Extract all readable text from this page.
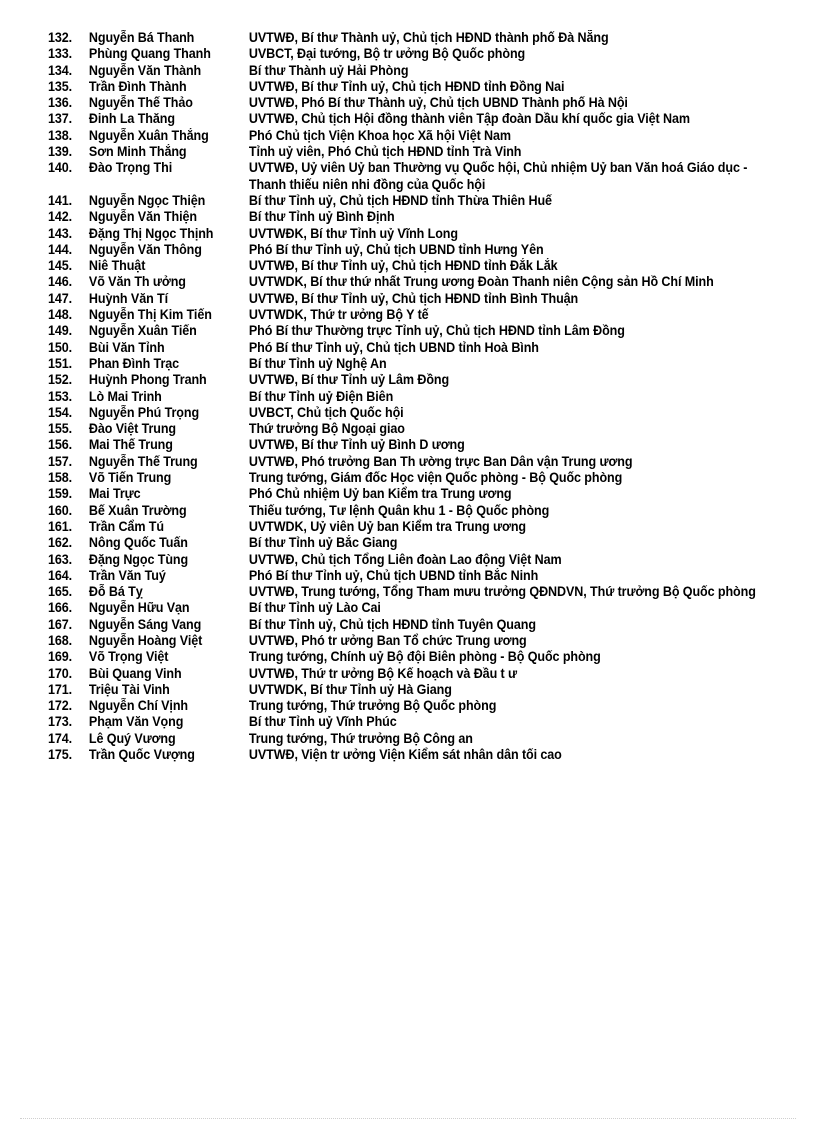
132.	Nguyễn Bá Thanh	UVTWĐ, Bí thư Thành uỷ, Chủ tịch HĐND thành phố Đà Nẵng
133.	Phùng Quang Thanh	UVBCT, Đại tướng, Bộ tr ưởng Bộ Quốc phòng
134.	Nguyễn Văn Thành	Bí thư Thành uỷ Hải Phòng
135.	Trần Đình Thành	UVTWĐ, Bí thư Tỉnh uỷ, Chủ tịch HĐND tỉnh Đồng Nai
136.	Nguyễn Thế Thảo	UVTWĐ, Phó Bí thư Thành uỷ, Chủ tịch UBND Thành phố Hà Nội
137.	Đinh La Thăng	UVTWĐ, Chủ tịch Hội đồng thành viên Tập đoàn Dầu khí quốc gia Việt Nam
138.	Nguyễn Xuân Thắng	Phó Chủ tịch Viện Khoa học Xã hội Việt Nam
139.	Sơn Minh Thắng	Tỉnh uỷ viên, Phó Chủ tịch HĐND tỉnh Trà Vinh
140.	Đào Trọng Thi	UVTWĐ, Uỷ viên Uỷ ban Thường vụ Quốc hội, Chủ nhiệm Uỷ ban Văn hoá Giáo dục - Thanh thiếu niên nhi đồng của Quốc hội
141.	Nguyễn Ngọc Thiện	Bí thư Tỉnh uỷ, Chủ tịch HĐND tỉnh Thừa Thiên Huế
142.	Nguyễn Văn Thiện	Bí thư Tỉnh uỷ Bình Định
143.	Đặng Thị Ngọc Thịnh	UVTWĐK, Bí thư Tỉnh uỷ Vĩnh Long
144.	Nguyễn Văn Thông	Phó Bí thư Tỉnh uỷ, Chủ tịch UBND tỉnh Hưng Yên
145.	Niê Thuật	UVTWĐ, Bí thư Tỉnh uỷ, Chủ tịch HĐND tỉnh Đắk Lắk
146.	Võ Văn Th ưởng	UVTWDK, Bí thư thứ nhất Trung ương Đoàn Thanh niên Cộng sản Hồ Chí Minh
147.	Huỳnh Văn Tí	UVTWĐ, Bí thư Tỉnh uỷ, Chủ tịch HĐND tỉnh Bình Thuận
148.	Nguyễn Thị Kim Tiến	UVTWDK, Thứ tr ưởng Bộ Y tế
149.	Nguyễn Xuân Tiến	Phó Bí thư Thường trực Tỉnh uỷ, Chủ tịch HĐND tỉnh Lâm Đồng
150.	Bùi Văn Tỉnh	Phó Bí thư Tỉnh uỷ, Chủ tịch UBND tỉnh Hoà Bình
151.	Phan Đình Trạc	Bí thư Tỉnh uỷ Nghệ An
152.	Huỳnh Phong Tranh	UVTWĐ, Bí thư Tỉnh uỷ Lâm Đồng
153.	Lò Mai Trinh	Bí thư Tỉnh uỷ Điện Biên
154.	Nguyễn Phú Trọng	UVBCT, Chủ tịch Quốc hội
155.	Đào Việt Trung	Thứ trưởng Bộ Ngoại giao
156.	Mai Thế Trung	UVTWĐ, Bí thư Tỉnh uỷ Bình D ương
157.	Nguyễn Thế Trung	UVTWĐ, Phó trưởng Ban Th ường trực Ban Dân vận Trung ương
158.	Võ Tiến Trung	Trung tướng, Giám đốc Học viện Quốc phòng - Bộ Quốc phòng
159.	Mai Trực	Phó Chủ nhiệm Uỷ ban Kiểm tra Trung ương
160.	Bế Xuân Trường	Thiếu tướng, Tư lệnh Quân khu 1 - Bộ Quốc phòng
161.	Trần Cẩm Tú	UVTWDK, Uỷ viên Uỷ ban Kiểm tra Trung ương
162.	Nông Quốc Tuấn	Bí thư Tỉnh uỷ Bắc Giang
163.	Đặng Ngọc Tùng	UVTWĐ, Chủ tịch Tổng Liên đoàn Lao động Việt Nam
164.	Trần Văn Tuý	Phó Bí thư Tỉnh uỷ, Chủ tịch UBND tỉnh Bắc Ninh
165.	Đỗ Bá Tỵ	UVTWĐ, Trung tướng, Tổng Tham mưu trưởng QĐNDVN, Thứ trưởng Bộ Quốc phòng
166.	Nguyễn Hữu Vạn	Bí thư Tỉnh uỷ Lào Cai
167.	Nguyễn Sáng Vang	Bí thư Tỉnh uỷ, Chủ tịch HĐND tỉnh Tuyên Quang
168.	Nguyễn Hoàng Việt	UVTWĐ, Phó tr ưởng Ban Tổ chức Trung ương
169.	Võ Trọng Việt	Trung tướng, Chính uỷ Bộ đội Biên phòng - Bộ Quốc phòng
170.	Bùi Quang Vinh	UVTWĐ, Thứ tr ưởng Bộ Kế hoạch và Đầu t ư
171.	Triệu Tài Vinh	UVTWDK, Bí thư Tỉnh uỷ Hà Giang
172.	Nguyễn Chí Vịnh	Trung tướng, Thứ trưởng Bộ Quốc phòng
173.	Phạm Văn Vọng	Bí thư Tỉnh uỷ Vĩnh Phúc
174.	Lê Quý Vương	Trung tướng, Thứ trưởng Bộ Công an
175.	Trần Quốc Vượng	UVTWĐ, Viện tr ưởng Viện Kiểm sát nhân dân tối cao
